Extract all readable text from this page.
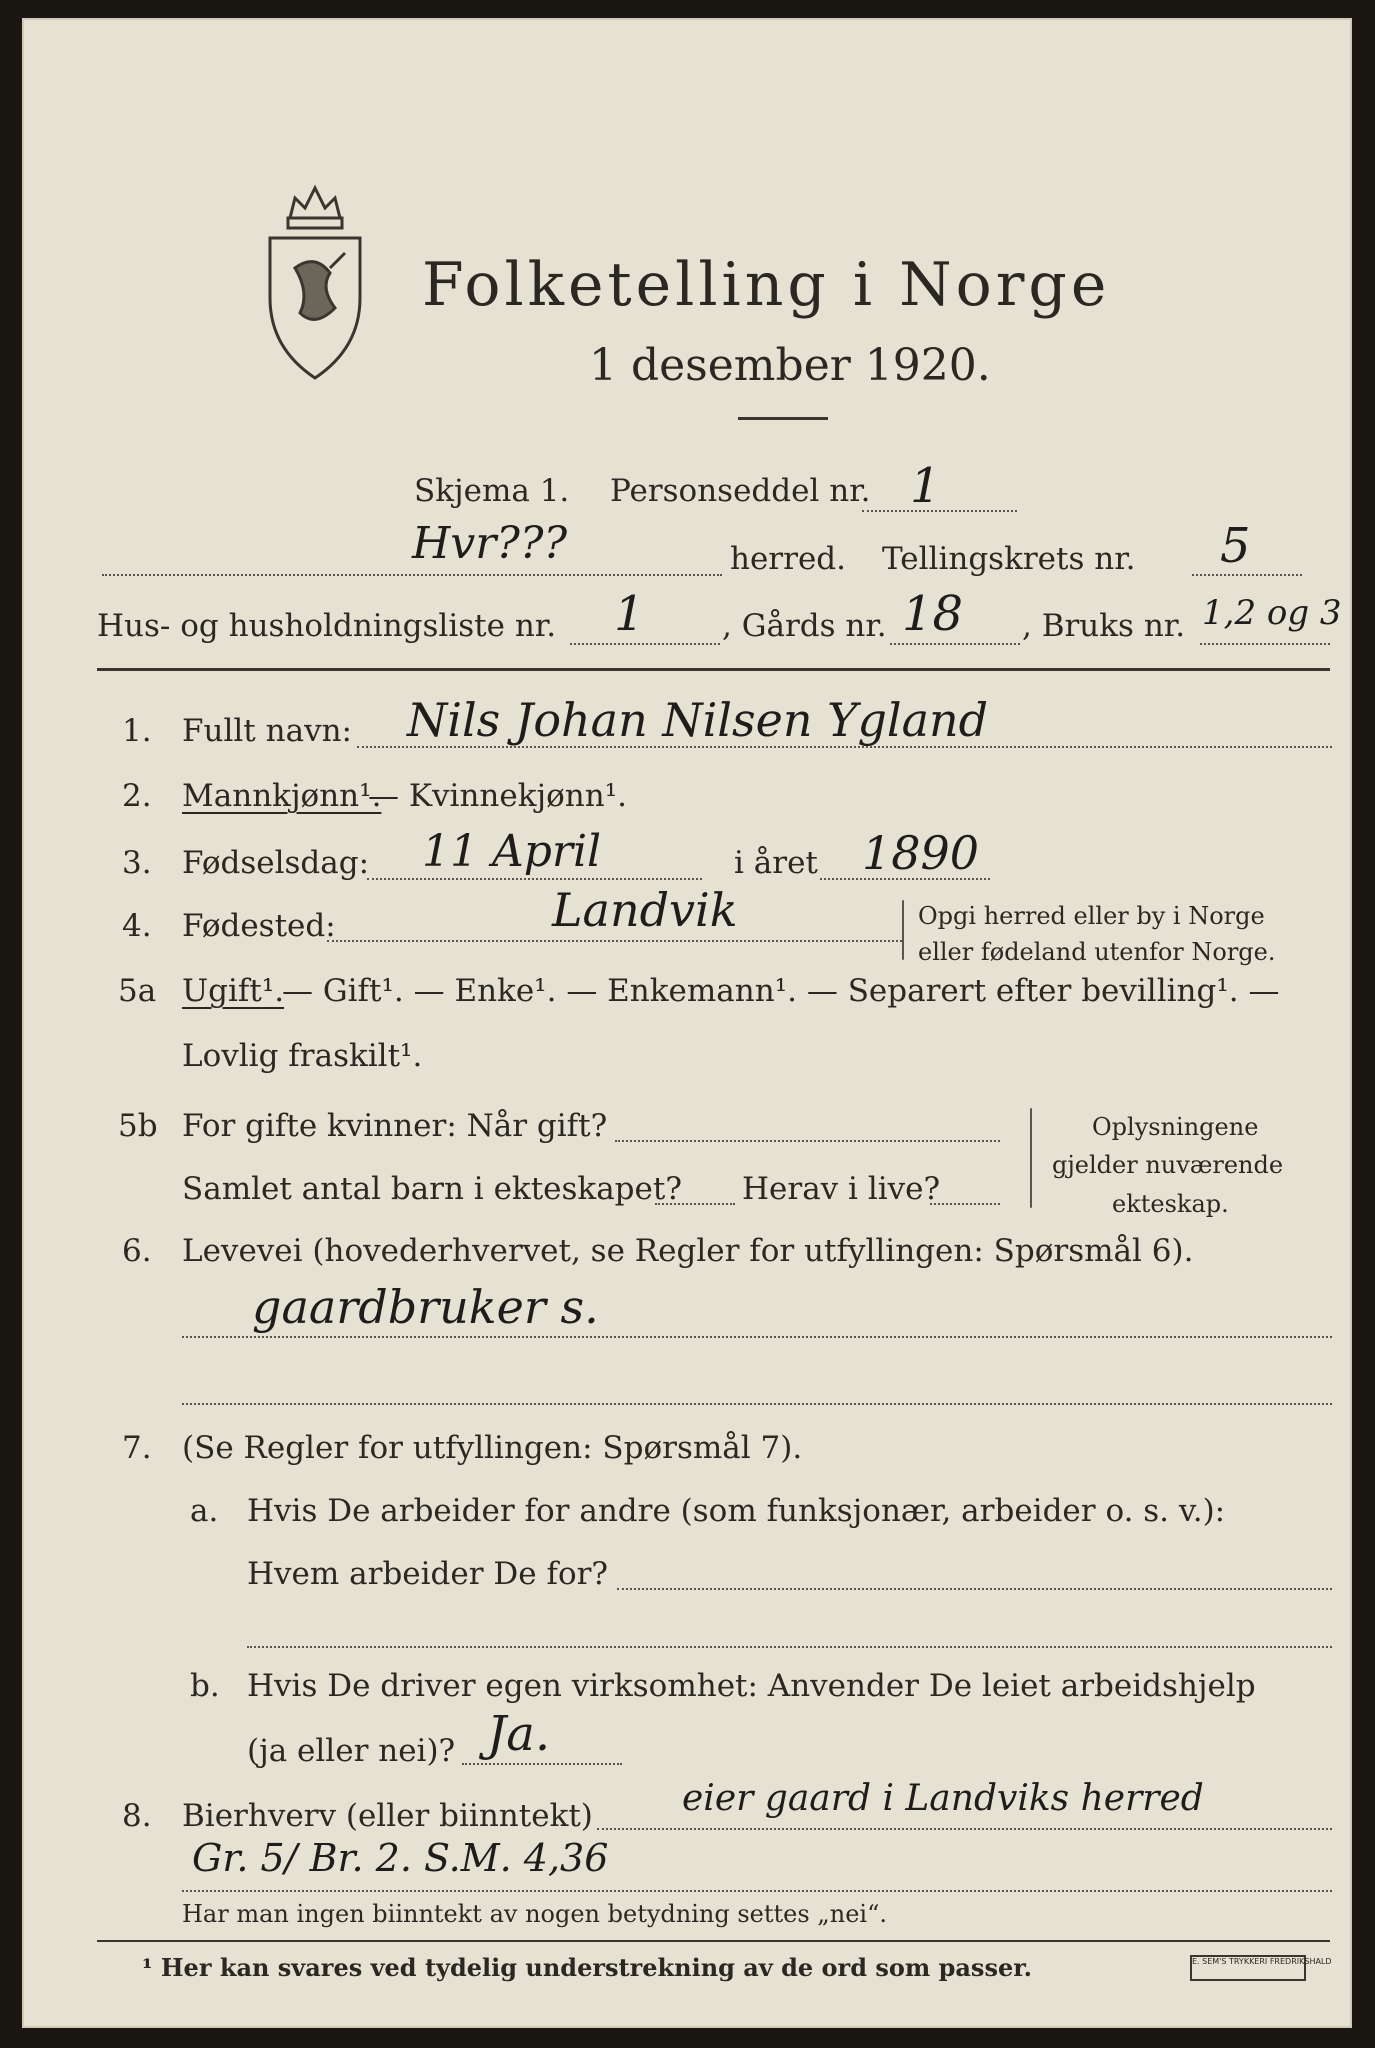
Folketelling i Norge
1 desember 1920.
Skjema 1. Personseddel nr. 1
Hvr???	herred. Tellingskrets nr. 5
Hus- og husholdningsliste nr. 1 , Gårds nr. 18 , Bruks nr. 1,2 og 3
1. Fullt navn: Nils Johan Nilsen Ygland
2. Mannkjønn¹.
— Kvinnekjønn¹.
3. Fødselsdag: 11 April	i året 1890
4. Fødested:	Landvik	Opgi herred eller by i Norge
eller fødeland utenfor Norge.
5a Ugift¹.
— Gift¹. — Enke¹. — Enkemann¹. — Separert efter bevilling¹. —
Lovlig fraskilt¹.
5b For gifte kvinner: Når gift?
Samlet antal barn i ekteskapet? Herav i live?
Oplysningene
gjelder nuværende
ekteskap.
6. Levevei (hovederhvervet, se Regler for utfyllingen: Spørsmål 6).
gaardbruker s.
7. (Se Regler for utfyllingen: Spørsmål 7).
a. Hvis De arbeider for andre (som funksjonær, arbeider o. s. v.):
Hvem arbeider De for?
b. Hvis De driver egen virksomhet: Anvender De leiet arbeidshjelp
(ja eller nei)? Ja.
8. Bierhverv (eller biinntekt) eier gaard i Landviks herred
Gr. 5/ Br. 2. S.M. 4,36
Har man ingen biinntekt av nogen betydning settes „nei“.
¹ Her kan svares ved tydelig understrekning av de ord som passer.	E. SEM'S TRYKKERI FREDRIKSHALD
